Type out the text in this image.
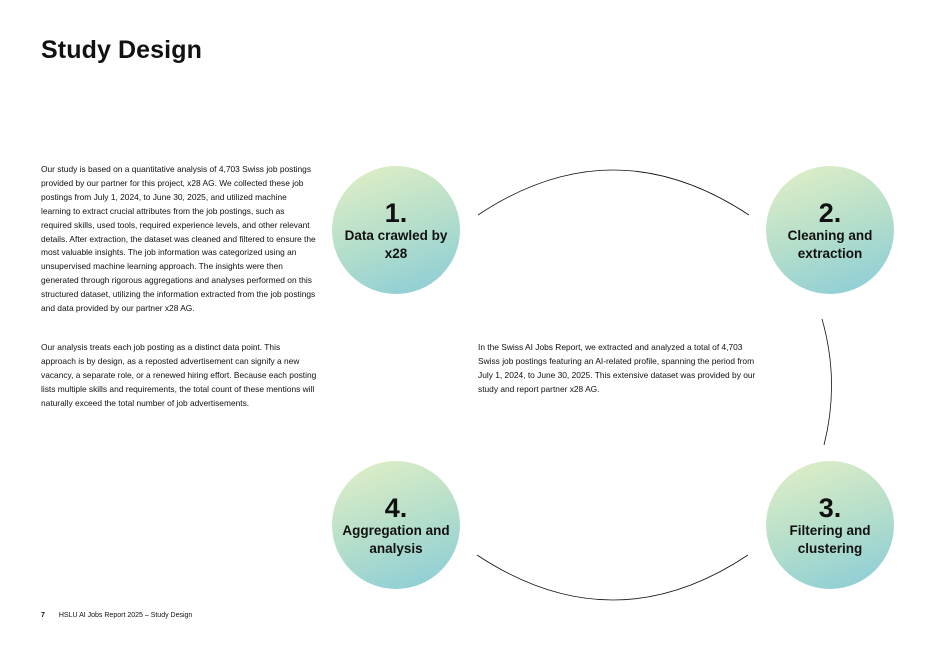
Study Design

Our study is based on a quantitative analysis of 4,703 Swiss job postings provided by our partner for this project, x28 AG. We collected these job postings from July 1, 2024, to June 30, 2025, and utilized machine learning to extract crucial attributes from the job postings, such as required skills, used tools, required experience levels, and other relevant details. After extraction, the dataset was cleaned and filtered to ensure the most valuable insights. The job information was categorized using an unsupervised machine learning approach. The insights were then generated through rigorous aggregations and analyses performed on this structured dataset, utilizing the information extracted from the job postings and data provided by our partner x28 AG.

Our analysis treats each job posting as a distinct data point. This approach is by design, as a reposted advertisement can signify a new vacancy, a separate role, or a renewed hiring effort. Because each posting lists multiple skills and requirements, the total count of these mentions will naturally exceed the total number of job advertisements.

In the Swiss AI Jobs Report, we extracted and analyzed a total of 4,703 Swiss job postings featuring an AI-related profile, spanning the period from July 1, 2024, to June 30, 2025. This extensive dataset was provided by our study and report partner x28 AG.

1.
Data crawled by x28
2.
Cleaning and extraction
3.
Filtering and clustering
4.
Aggregation and analysis
7 HSLU AI Jobs Report 2025 – Study Design
